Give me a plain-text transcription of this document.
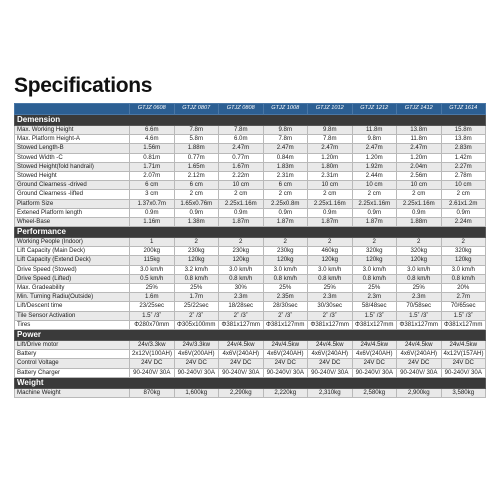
Specifications
	GTJZ 0608	GTJZ 0807	GTJZ 0808	GTJZ 1008	GTJZ 1012	GTJZ 1212	GTJZ 1412	GTJZ 1614
Demension								
Max. Working Height	6.6m	7.8m	7.8m	9.8m	9.8m	11.8m	13.8m	15.8m
Max. Platform Height-A	4.6m	5.8m	6.0m	7.8m	7.8m	9.8m	11.8m	13.8m
Stowed Length-B	1.56m	1.88m	2.47m	2.47m	2.47m	2.47m	2.47m	2.83m
Stowed Width -C	0.81m	0.77m	0.77m	0.84m	1.20m	1.20m	1.20m	1.42m
Stowed Height(fold handrail)	1.71m	1.65m	1.67m	1.83m	1.80m	1.92m	2.04m	2.27m
Stowed Height	2.07m	2.12m	2.22m	2.31m	2.31m	2.44m	2.56m	2.78m
Ground Clearness -drived	6 cm	6 cm	10 cm	6 cm	10 cm	10 cm	10 cm	10 cm
Ground Clearness -lifted	3 cm	2 cm	2 cm	2 cm	2 cm	2 cm	2 cm	2 cm
Platform Size	1.37x0.7m	1.65x0.76m	2.25x1.16m	2.25x0.8m	2.25x1.16m	2.25x1.16m	2.25x1.16m	2.61x1.2m
Extened Platform length	0.9m	0.9m	0.9m	0.9m	0.9m	0.9m	0.9m	0.9m
Wheel-Base	1.16m	1.38m	1.87m	1.87m	1.87m	1.87m	1.88m	2.24m
Performance								
Working People (Indoor)	1	2	2	2	2	2	2	2
Lift Capacity (Main Deck)	200kg	230kg	230kg	230kg	460kg	320kg	320kg	320kg
Lift Capacity (Extend Deck)	115kg	120kg	120kg	120kg	120kg	120kg	120kg	120kg
Drive Speed (Stowed)	3.0 km/h	3.2 km/h	3.0 km/h	3.0 km/h	3.0 km/h	3.0 km/h	3.0 km/h	3.0 km/h
Drive Speed (Lifted)	0.5 km/h	0.8 km/h	0.8 km/h	0.8 km/h	0.8 km/h	0.8 km/h	0.8 km/h	0.8 km/h
Max. Gradeability	25%	25%	30%	25%	25%	25%	25%	20%
Min. Turning Radiu(Outside)	1.6m	1.7m	2.3m	2.35m	2.3m	2.3m	2.3m	2.7m
Lift/Descent time	23/25sec	25/22sec	18/28sec	28/30sec	30/30sec	58/48sec	70/58sec	70/65sec
Tile Sensor Activation	1.5˚ /3˚	2˚ /3˚	2˚ /3˚	2˚ /3˚	2˚ /3˚	1.5˚ /3˚	1.5˚ /3˚	1.5˚ /3˚
Tires	Φ280x70mm	Φ305x100mm	Φ381x127mm	Φ381x127mm	Φ381x127mm	Φ381x127mm	Φ381x127mm	Φ381x127mm
Power								
Lift/Drive motor	24v/3.3kw	24v/3.3kw	24v/4.5kw	24v/4.5kw	24v/4.5kw	24v/4.5kw	24v/4.5kw	24v/4.5kw
Battery	2x12V(100AH)	4x6V(200AH)	4x6V(240AH)	4x6V(240AH)	4x6V(240AH)	4x6V(240AH)	4x6V(240AH)	4x12V(157AH)
Control Voltage	24V DC	24V DC	24V DC	24V DC	24V DC	24V DC	24V DC	24V DC
Battery Charger	90-240V/ 30A	90-240V/ 30A	90-240V/ 30A	90-240V/ 30A	90-240V/ 30A	90-240V/ 30A	90-240V/ 30A	90-240V/ 30A
Weight								
Machine Weight	870kg	1,600kg	2,290kg	2,220kg	2,310kg	2,580kg	2,900kg	3,580kg
